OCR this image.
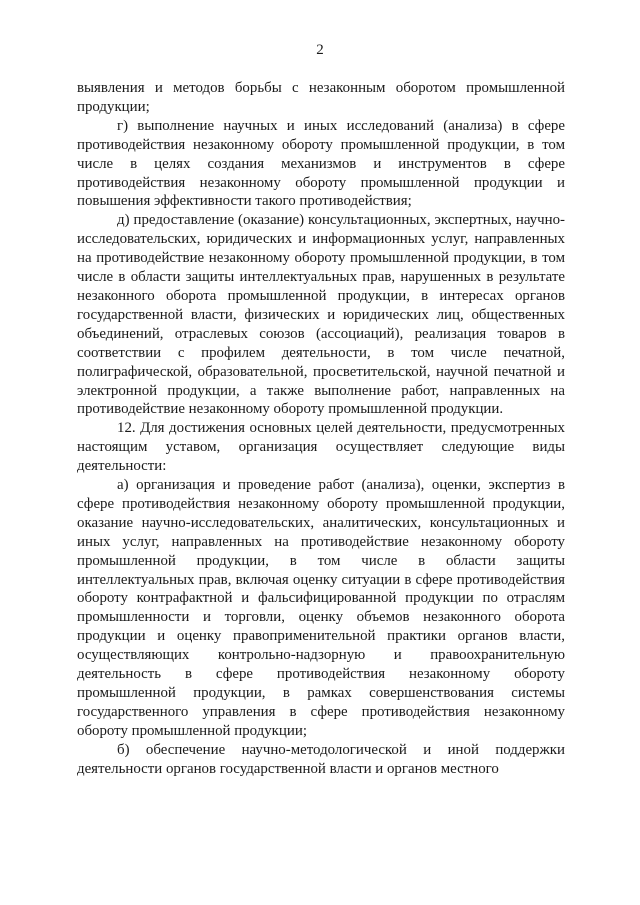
2

выявления и методов борьбы с незаконным оборотом промышленной продукции;

г) выполнение научных и иных исследований (анализа) в сфере противодействия незаконному обороту промышленной продукции, в том числе в целях создания механизмов и инструментов в сфере противодействия незаконному обороту промышленной продукции и повышения эффективности такого противодействия;

д) предоставление (оказание) консультационных, экспертных, научно-исследовательских, юридических и информационных услуг, направленных на противодействие незаконному обороту промышленной продукции, в том числе в области защиты интеллектуальных прав, нарушенных в результате незаконного оборота промышленной продукции, в интересах органов государственной власти, физических и юридических лиц, общественных объединений, отраслевых союзов (ассоциаций), реализация товаров в соответствии с профилем деятельности, в том числе печатной, полиграфической, образовательной, просветительской, научной печатной и электронной продукции, а также выполнение работ, направленных на противодействие незаконному обороту промышленной продукции.

12. Для достижения основных целей деятельности, предусмотренных настоящим уставом, организация осуществляет следующие виды деятельности:

а) организация и проведение работ (анализа), оценки, экспертиз в сфере противодействия незаконному обороту промышленной продукции, оказание научно-исследовательских, аналитических, консультационных и иных услуг, направленных на противодействие незаконному обороту промышленной продукции, в том числе в области защиты интеллектуальных прав, включая оценку ситуации в сфере противодействия обороту контрафактной и фальсифицированной продукции по отраслям промышленности и торговли, оценку объемов незаконного оборота продукции и оценку правоприменительной практики органов власти, осуществляющих контрольно-надзорную и правоохранительную деятельность в сфере противодействия незаконному обороту промышленной продукции, в рамках совершенствования системы государственного управления в сфере противодействия незаконному обороту промышленной продукции;

б) обеспечение научно-методологической и иной поддержки деятельности органов государственной власти и органов местного
